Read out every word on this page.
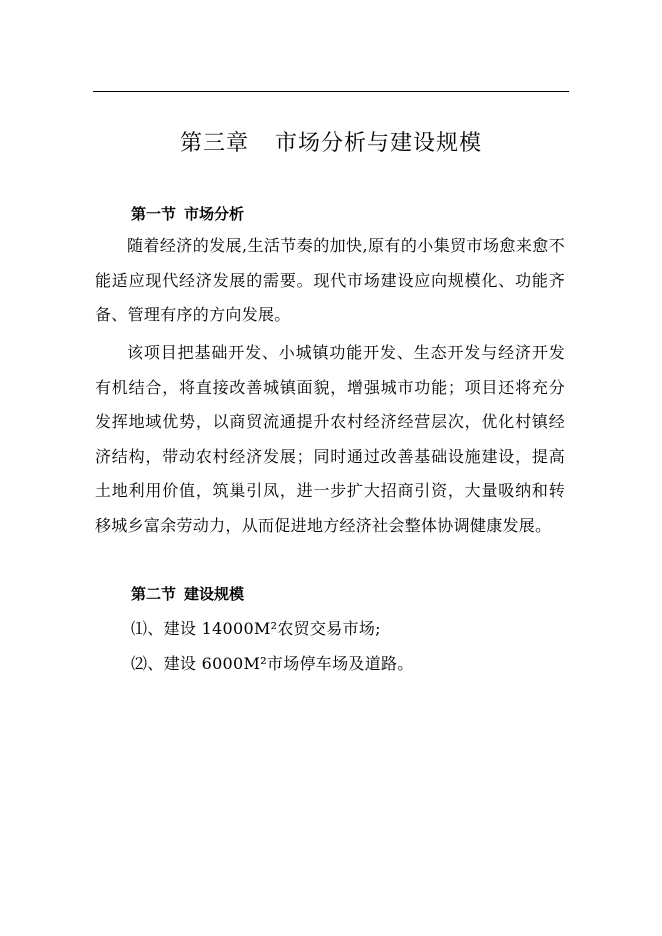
第三章 市场分析与建设规模
第一节 市场分析

随着经济的发展,生活节奏的加快,原有的小集贸市场愈来愈不能适应现代经济发展的需要。现代市场建设应向规模化、功能齐备、管理有序的方向发展。

该项目把基础开发、小城镇功能开发、生态开发与经济开发有机结合，将直接改善城镇面貌，增强城市功能；项目还将充分发挥地域优势，以商贸流通提升农村经济经营层次，优化村镇经济结构，带动农村经济发展；同时通过改善基础设施建设，提高土地利用价值，筑巢引凤，进一步扩大招商引资，大量吸纳和转移城乡富余劳动力，从而促进地方经济社会整体协调健康发展。

第二节 建设规模
⑴、建设 14000M²农贸交易市场;
⑵、建设 6000M²市场停车场及道路。
